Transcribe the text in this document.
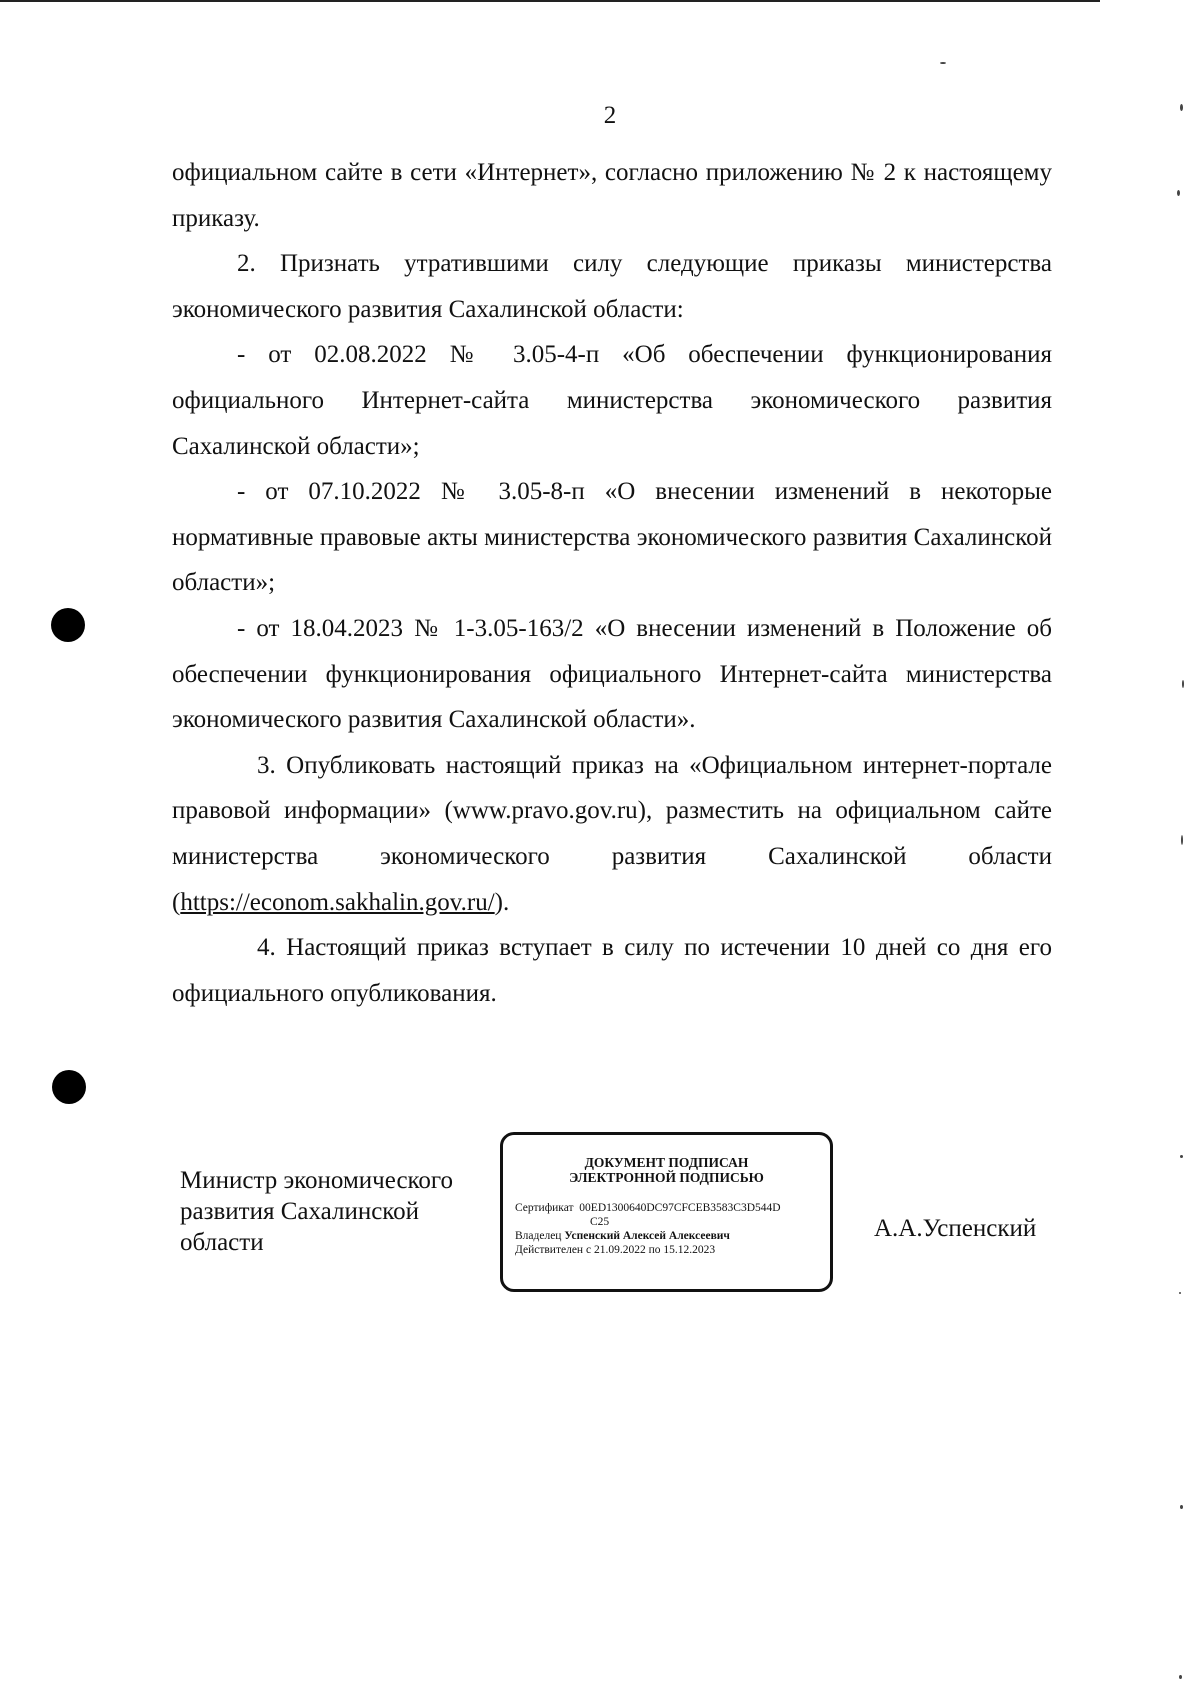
2

официальном сайте в сети «Интернет», согласно приложению № 2 к настоящему приказу.

2. Признать утратившими силу следующие приказы министерства экономического развития Сахалинской области:

- от 02.08.2022 № 3.05-4-п «Об обеспечении функционирования официального Интернет-сайта министерства экономического развития Сахалинской области»;

- от 07.10.2022 № 3.05-8-п «О внесении изменений в некоторые нормативные правовые акты министерства экономического развития Сахалинской области»;

- от 18.04.2023 № 1-3.05-163/2 «О внесении изменений в Положение об обеспечении функционирования официального Интернет-сайта министерства экономического развития Сахалинской области».

3. Опубликовать настоящий приказ на «Официальном интернет-портале правовой информации» (www.pravo.gov.ru), разместить на официальном сайте министерства экономического развития Сахалинской области (https://econom.sakhalin.gov.ru/).

4. Настоящий приказ вступает в силу по истечении 10 дней со дня его официального опубликования.

Министр экономического
развития Сахалинской
области
ДОКУМЕНТ ПОДПИСАН
ЭЛЕКТРОННОЙ ПОДПИСЬЮ
Сертификат 00ED1300640DC97CFCEB3583C3D544D
C25
Владелец Успенский Алексей Алексеевич
Действителен с 21.09.2022 по 15.12.2023
А.А.Успенский
